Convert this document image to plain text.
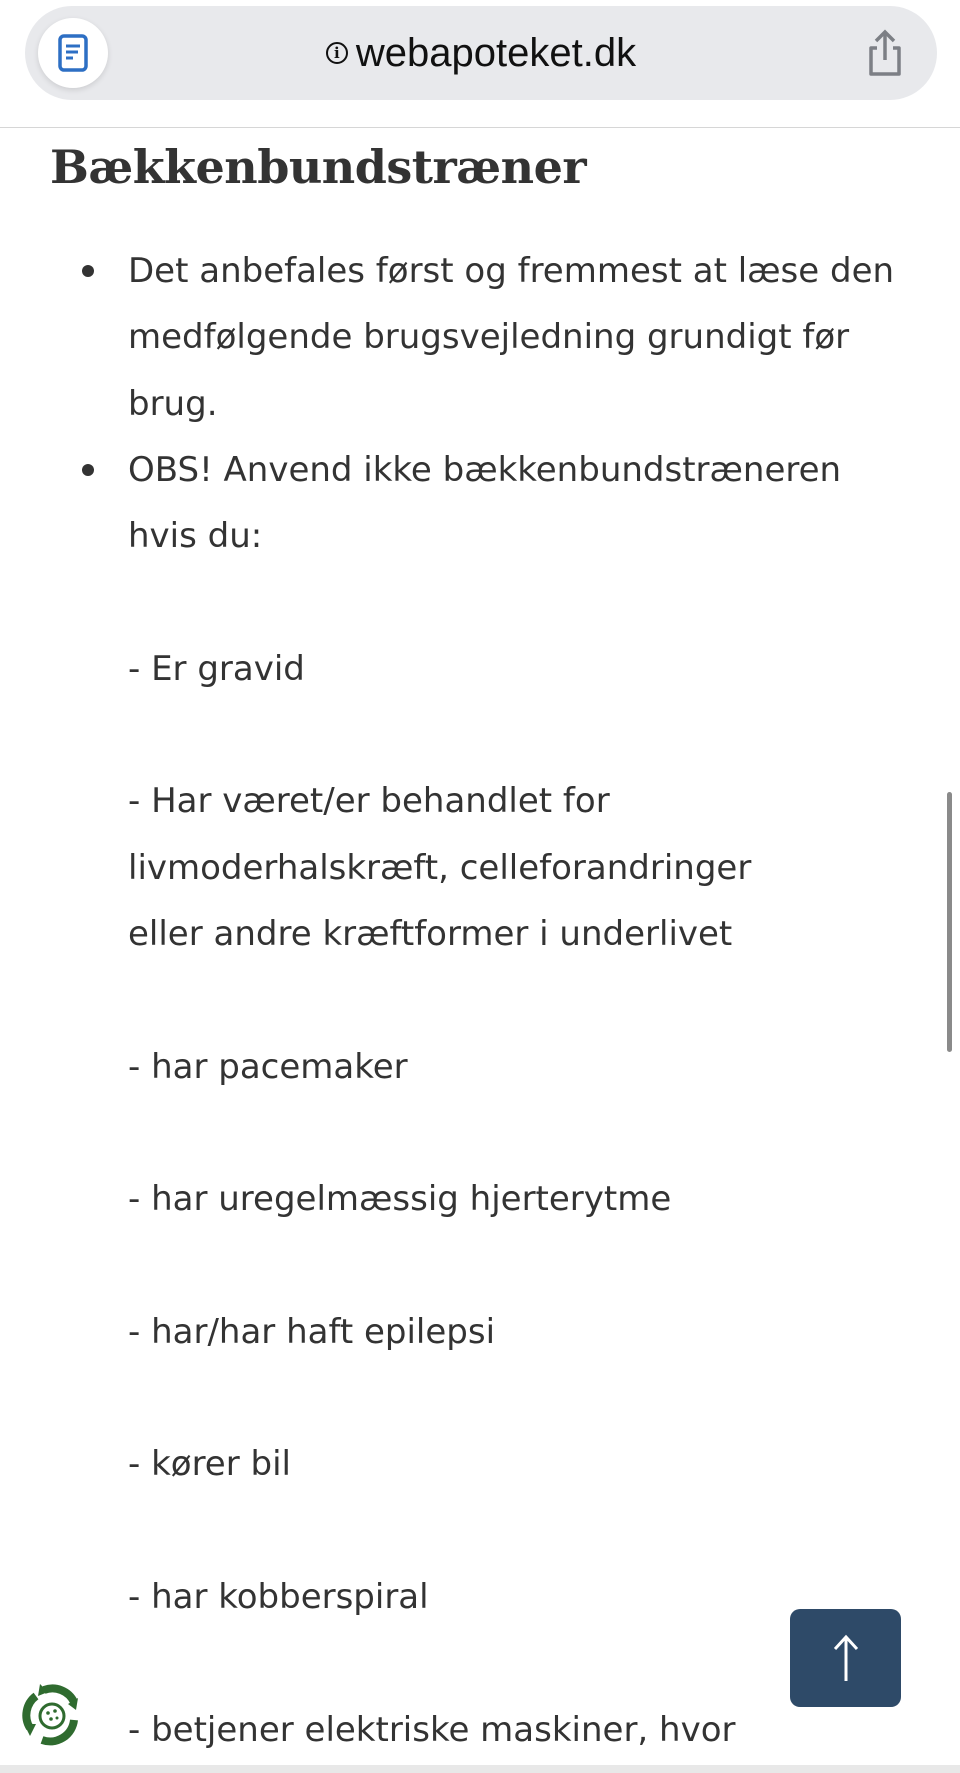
i webapoteket.dk
Bækkenbundstræner
Det anbefales først og fremmest at læse den medfølgende brugsvejledning grundigt før brug.
OBS! Anvend ikke bækkenbundstræneren hvis du:
- Er gravid
- Har været/er behandlet for livmoderhalskræft, celleforandringer eller andre kræftformer i underlivet
- har pacemaker
- har uregelmæssig hjerterytme
- har/har haft epilepsi
- kører bil
- har kobberspiral
- betjener elektriske maskiner, hvor
